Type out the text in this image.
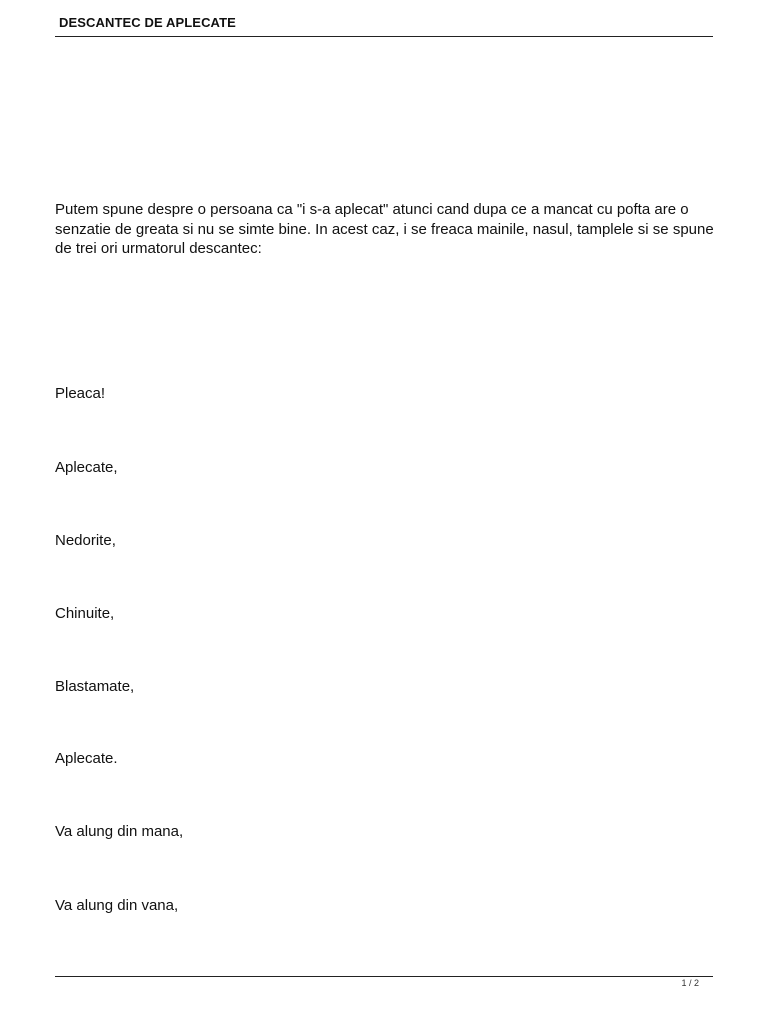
DESCANTEC DE APLECATE

Putem spune despre o persoana ca "i s-a aplecat" atunci cand dupa ce a mancat cu pofta are o senzatie de greata si nu se simte bine. In acest caz, i se freaca mainile, nasul, tamplele si se spune de trei ori urmatorul descantec:

Pleaca!

Aplecate,

Nedorite,

Chinuite,

Blastamate,

Aplecate.

Va alung din mana,

Va alung din vana,

1 / 2
